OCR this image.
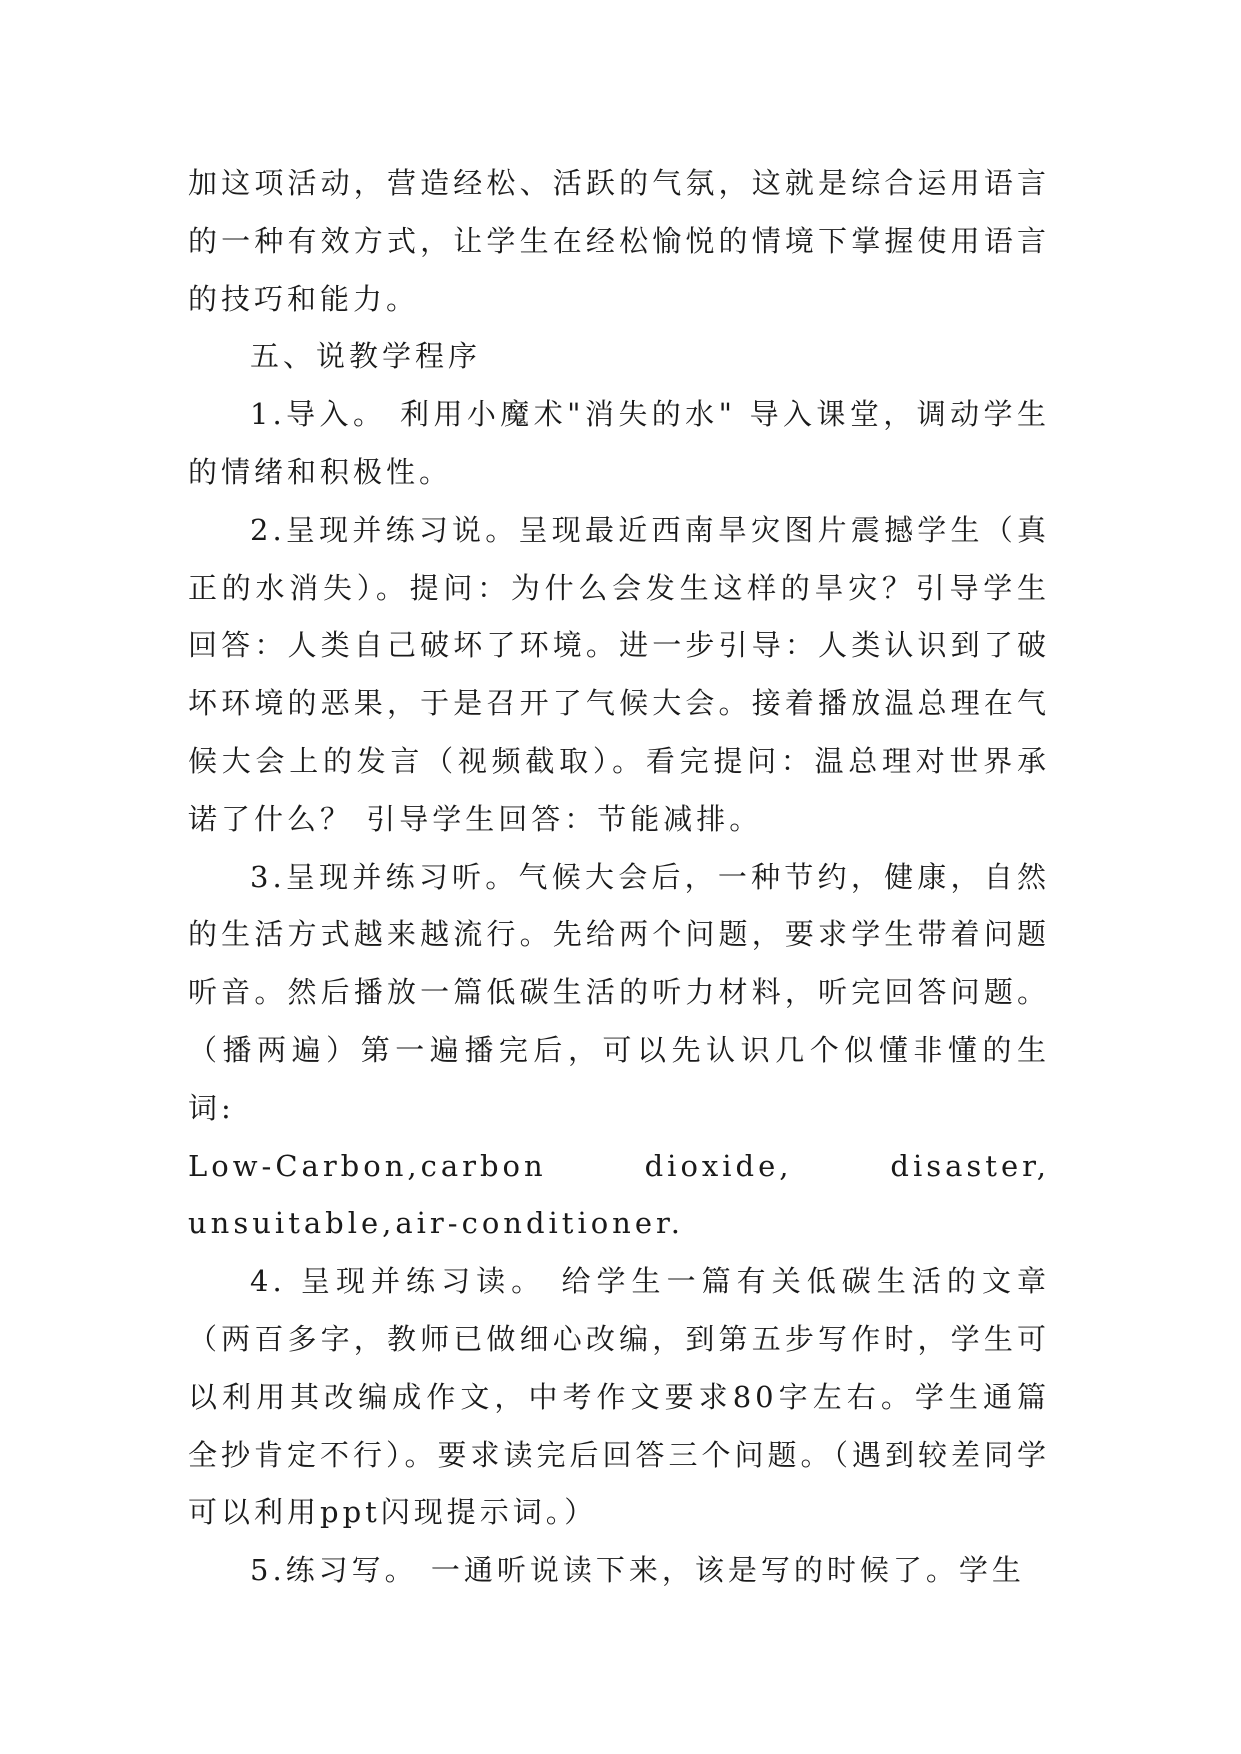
加这项活动，营造经松、活跃的气氛，这就是综合运用语言的一种有效方式，让学生在经松愉悦的情境下掌握使用语言的技巧和能力。

五、说教学程序

1.导入。 利用小魔术"消失的水" 导入课堂，调动学生的情绪和积极性。

2.呈现并练习说。呈现最近西南旱灾图片震撼学生（真正的水消失）。提问：为什么会发生这样的旱灾？引导学生回答：人类自己破坏了环境。进一步引导：人类认识到了破坏环境的恶果，于是召开了气候大会。接着播放温总理在气候大会上的发言（视频截取）。看完提问：温总理对世界承诺了什么？ 引导学生回答：节能减排。

3.呈现并练习听。气候大会后，一种节约，健康，自然的生活方式越来越流行。先给两个问题，要求学生带着问题听音。然后播放一篇低碳生活的听力材料，听完回答问题。（播两遍）第一遍播完后，可以先认识几个似懂非懂的生词:

Low-Carbon,carbon dioxide, disaster,

unsuitable,air-conditioner.

4. 呈现并练习读。 给学生一篇有关低碳生活的文章（两百多字，教师已做细心改编，到第五步写作时，学生可以利用其改编成作文，中考作文要求80字左右。学生通篇全抄肯定不行）。要求读完后回答三个问题。（遇到较差同学可以利用ppt闪现提示词。）

5.练习写。 一通听说读下来，该是写的时候了。学生
